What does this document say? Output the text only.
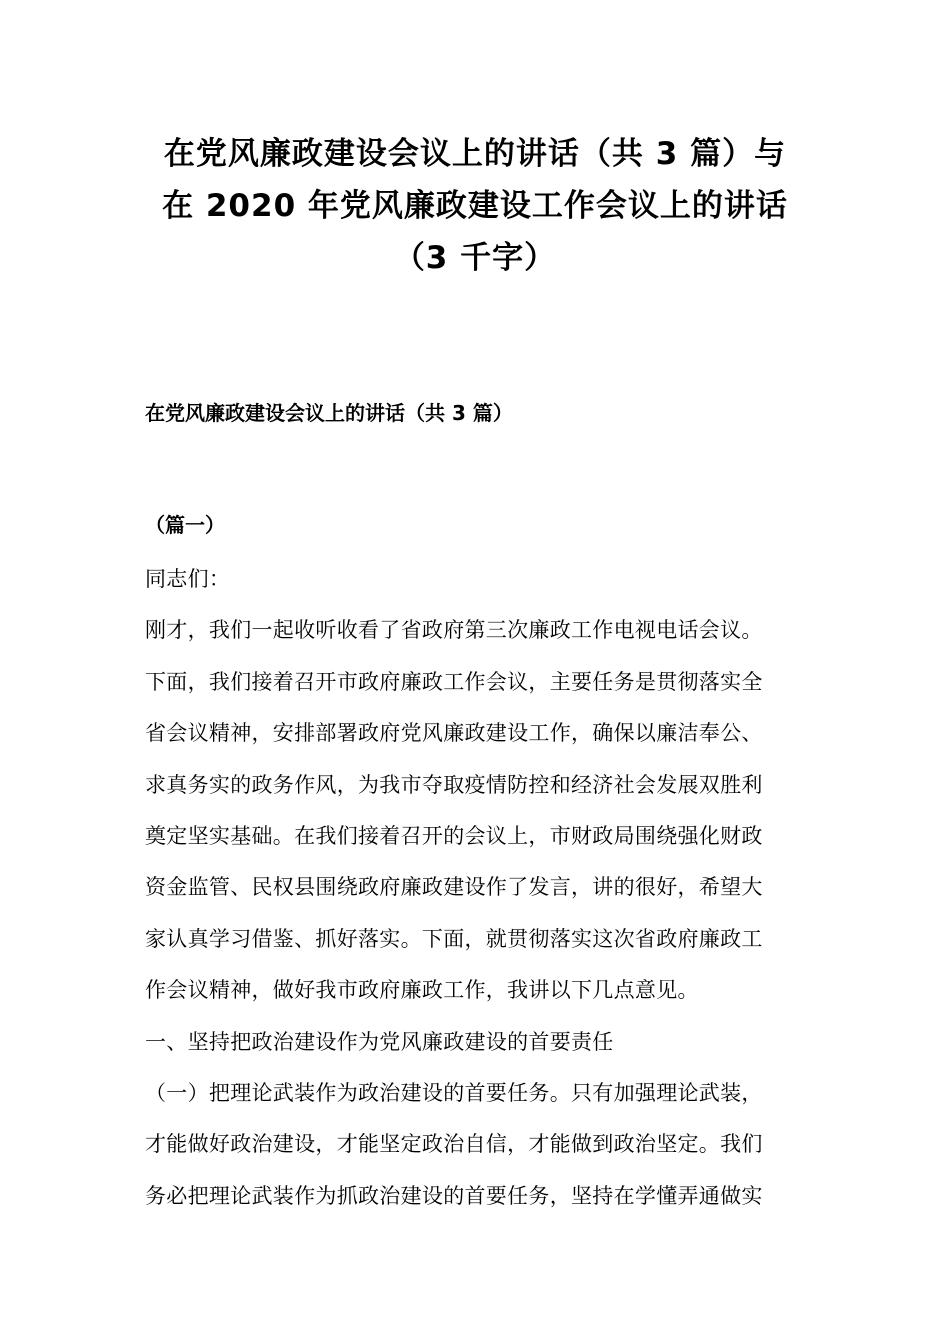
在党风廉政建设会议上的讲话（共 3 篇）与
在 2020 年党风廉政建设工作会议上的讲话
（3 千字）
在党风廉政建设会议上的讲话（共 3 篇）
（篇一）
同志们：
刚才，我们一起收听收看了省政府第三次廉政工作电视电话会议。
下面，我们接着召开市政府廉政工作会议，主要任务是贯彻落实全
省会议精神，安排部署政府党风廉政建设工作，确保以廉洁奉公、
求真务实的政务作风，为我市夺取疫情防控和经济社会发展双胜利
奠定坚实基础。在我们接着召开的会议上，市财政局围绕强化财政
资金监管、民权县围绕政府廉政建设作了发言，讲的很好，希望大
家认真学习借鉴、抓好落实。下面，就贯彻落实这次省政府廉政工
作会议精神，做好我市政府廉政工作，我讲以下几点意见。
一、坚持把政治建设作为党风廉政建设的首要责任
（一）把理论武装作为政治建设的首要任务。只有加强理论武装，
才能做好政治建设，才能坚定政治自信，才能做到政治坚定。我们
务必把理论武装作为抓政治建设的首要任务，坚持在学懂弄通做实
